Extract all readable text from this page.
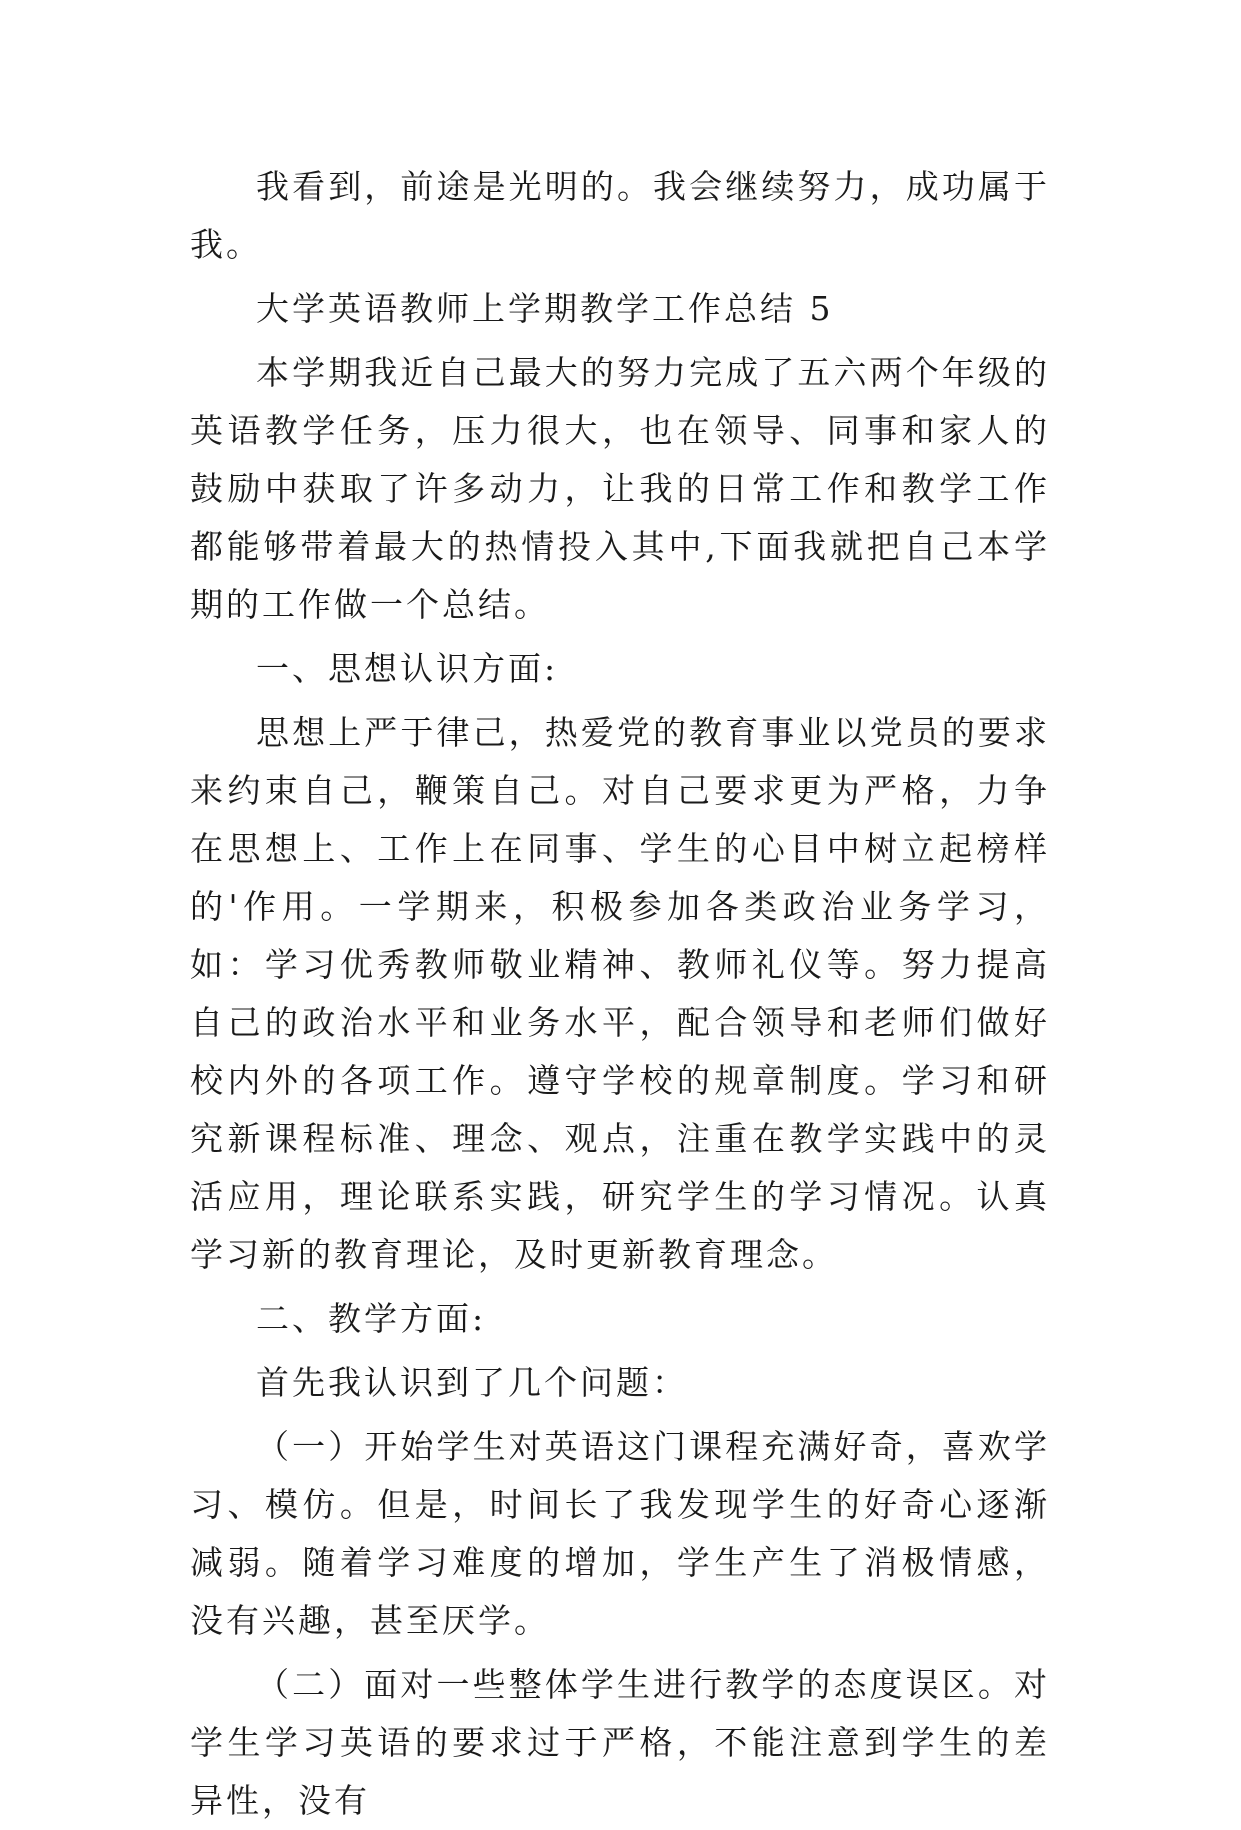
我看到，前途是光明的。我会继续努力，成功属于我。

大学英语教师上学期教学工作总结 5

本学期我近自己最大的努力完成了五六两个年级的英语教学任务，压力很大，也在领导、同事和家人的鼓励中获取了许多动力，让我的日常工作和教学工作都能够带着最大的热情投入其中,下面我就把自己本学期的工作做一个总结。

一、思想认识方面:

思想上严于律己，热爱党的教育事业以党员的要求来约束自己，鞭策自己。对自己要求更为严格，力争在思想上、工作上在同事、学生的心目中树立起榜样的'作用。一学期来，积极参加各类政治业务学习，如：学习优秀教师敬业精神、教师礼仪等。努力提高自己的政治水平和业务水平，配合领导和老师们做好校内外的各项工作。遵守学校的规章制度。学习和研究新课程标准、理念、观点，注重在教学实践中的灵活应用，理论联系实践，研究学生的学习情况。认真学习新的教育理论，及时更新教育理念。

二、教学方面:

首先我认识到了几个问题：

（一）开始学生对英语这门课程充满好奇，喜欢学习、模仿。但是，时间长了我发现学生的好奇心逐渐减弱。随着学习难度的增加，学生产生了消极情感，没有兴趣，甚至厌学。

（二）面对一些整体学生进行教学的态度误区。对学生学习英语的要求过于严格，不能注意到学生的差异性，没有
